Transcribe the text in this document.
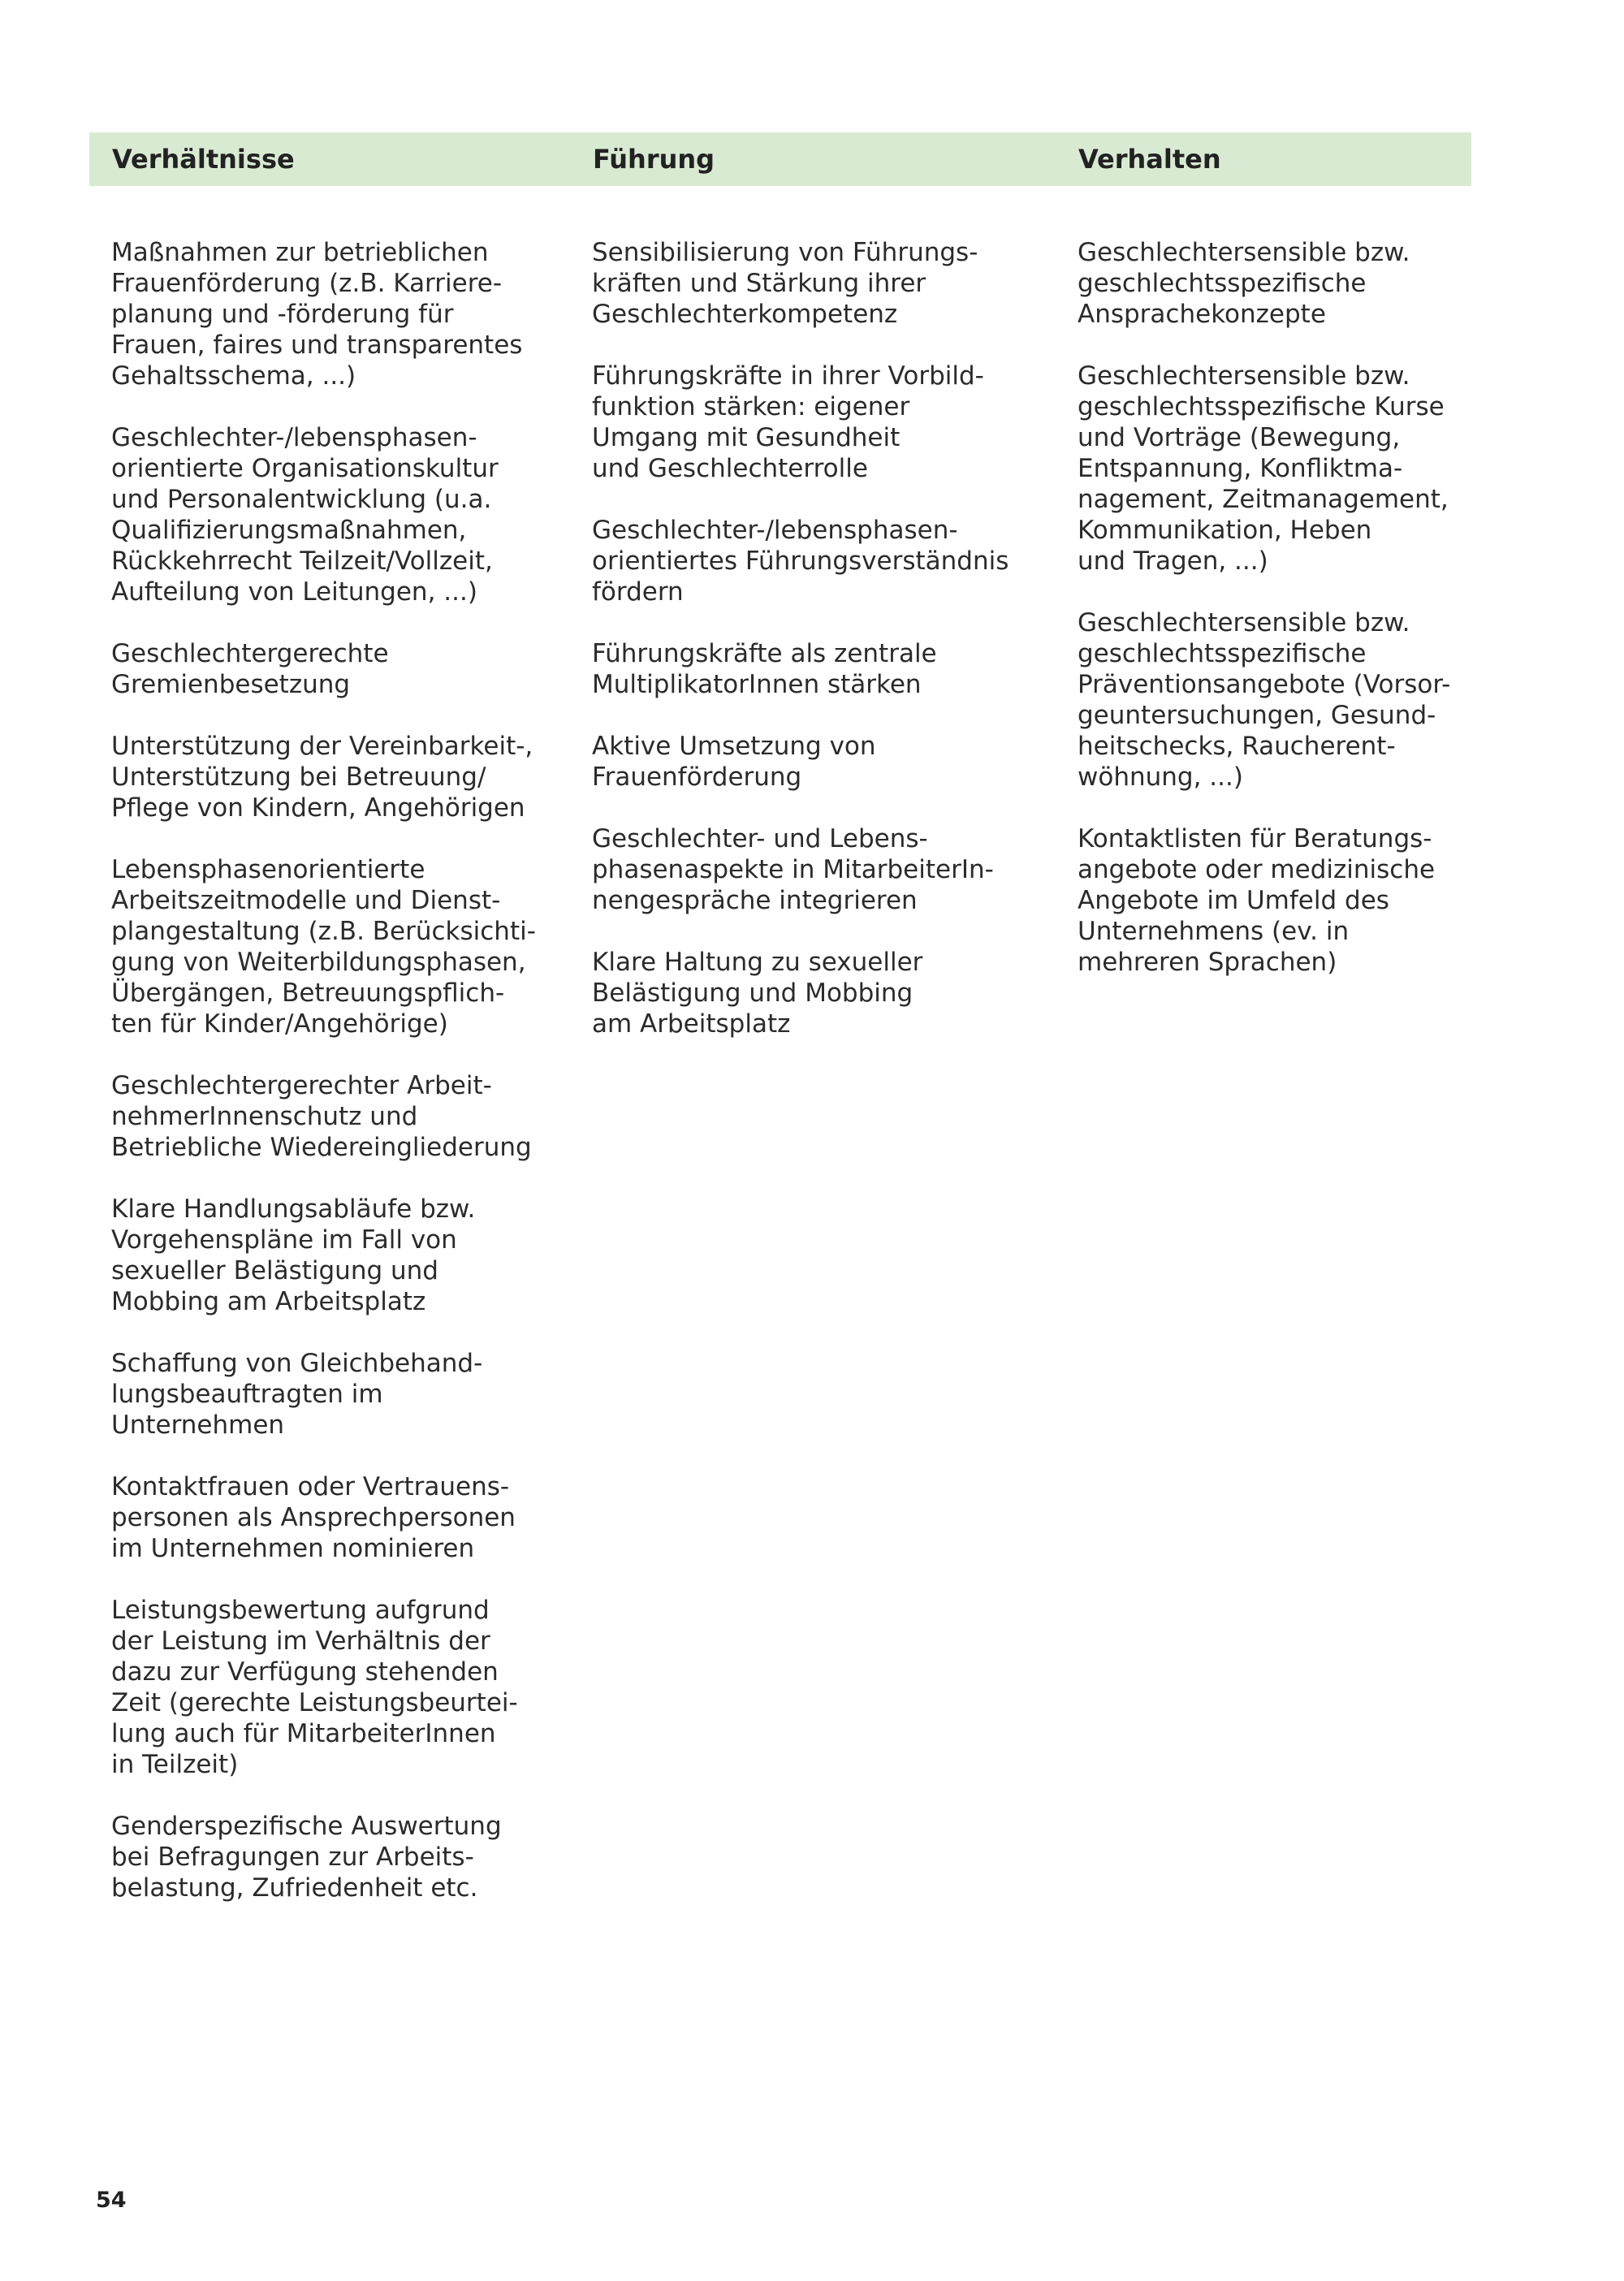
Verhältnisse	Führung	Verhalten

Maßnahmen zur betrieblichen
Frauenförderung (z.B. Karriere-
planung und -förderung für
Frauen, faires und transparentes
Gehaltsschema, ...)

Geschlechter-/lebensphasen-
orientierte Organisationskultur
und Personalentwicklung (u.a.
Qualifizierungsmaßnahmen,
Rückkehrrecht Teilzeit/Vollzeit,
Aufteilung von Leitungen, ...)

Geschlechtergerechte
Gremienbesetzung

Unterstützung der Vereinbarkeit-,
Unterstützung bei Betreuung/
Pflege von Kindern, Angehörigen

Lebensphasenorientierte
Arbeitszeitmodelle und Dienst-
plangestaltung (z.B. Berücksichti-
gung von Weiterbildungsphasen,
Übergängen, Betreuungspflich-
ten für Kinder/Angehörige)

Geschlechtergerechter Arbeit-
nehmerInnenschutz und
Betriebliche Wiedereingliederung

Klare Handlungsabläufe bzw.
Vorgehenspläne im Fall von
sexueller Belästigung und
Mobbing am Arbeitsplatz

Schaffung von Gleichbehand-
lungsbeauftragten im
Unternehmen

Kontaktfrauen oder Vertrauens-
personen als Ansprechpersonen
im Unternehmen nominieren

Leistungsbewertung aufgrund
der Leistung im Verhältnis der
dazu zur Verfügung stehenden
Zeit (gerechte Leistungsbeurtei-
lung auch für MitarbeiterInnen
in Teilzeit)

Genderspezifische Auswertung
bei Befragungen zur Arbeits-
belastung, Zufriedenheit etc.

Sensibilisierung von Führungs-
kräften und Stärkung ihrer
Geschlechterkompetenz

Führungskräfte in ihrer Vorbild-
funktion stärken: eigener
Umgang mit Gesundheit
und Geschlechterrolle

Geschlechter-/lebensphasen-
orientiertes Führungsverständnis
fördern

Führungskräfte als zentrale
MultiplikatorInnen stärken

Aktive Umsetzung von
Frauenförderung

Geschlechter- und Lebens-
phasenaspekte in MitarbeiterIn-
nengespräche integrieren

Klare Haltung zu sexueller
Belästigung und Mobbing
am Arbeitsplatz

Geschlechtersensible bzw.
geschlechtsspezifische
Ansprachekonzepte

Geschlechtersensible bzw.
geschlechtsspezifische Kurse
und Vorträge (Bewegung,
Entspannung, Konfliktma-
nagement, Zeitmanagement,
Kommunikation, Heben
und Tragen, ...)

Geschlechtersensible bzw.
geschlechtsspezifische
Präventionsangebote (Vorsor-
geuntersuchungen, Gesund-
heitschecks, Raucherent-
wöhnung, ...)

Kontaktlisten für Beratungs-
angebote oder medizinische
Angebote im Umfeld des
Unternehmens (ev. in
mehreren Sprachen)

54
